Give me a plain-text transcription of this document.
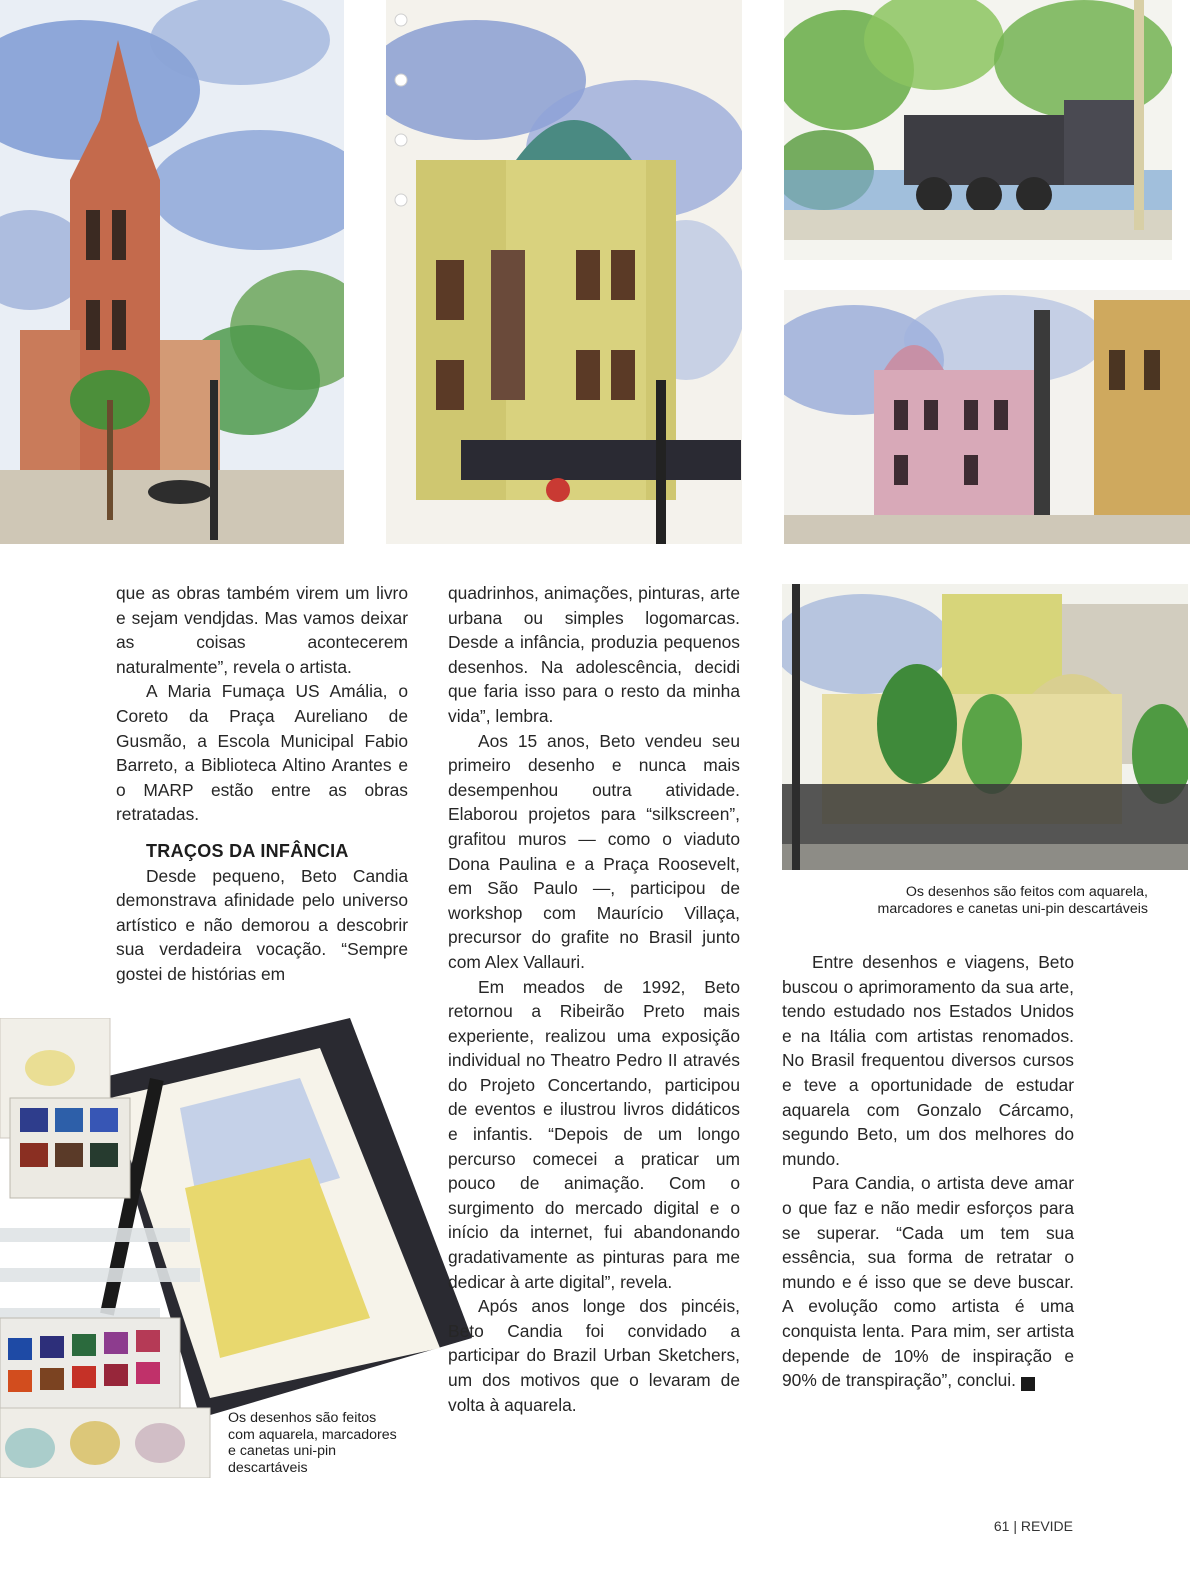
que as obras também virem um livro e sejam vendjdas. Mas vamos deixar as coisas acontecerem naturalmente”, revela o artista.

A Maria Fumaça US Amália, o Coreto da Praça Aureliano de Gusmão, a Escola Municipal Fabio Barreto, a Biblioteca Altino Arantes e o MARP estão entre as obras retratadas.

TRAÇOS DA INFÂNCIA

Desde pequeno, Beto Candia demonstrava afinidade pelo universo artístico e não demorou a descobrir sua verdadeira vocação. “Sempre gostei de histórias em

quadrinhos, animações, pinturas, arte urbana ou simples logomarcas. Desde a infância, produzia pequenos desenhos. Na adolescência, decidi que faria isso para o resto da minha vida”, lembra.

Aos 15 anos, Beto vendeu seu primeiro desenho e nunca mais desempenhou outra atividade. Elaborou projetos para “silkscreen”, grafitou muros — como o viaduto Dona Paulina e a Praça Roosevelt, em São Paulo —, participou de workshop com Maurício Villaça, precursor do grafite no Brasil junto com Alex Vallauri.

Em meados de 1992, Beto retornou a Ribeirão Preto mais experiente, realizou uma exposição individual no Theatro Pedro II através do Projeto Concertando, participou de eventos e ilustrou livros didáticos e infantis. “Depois de um longo percurso comecei a praticar um pouco de animação. Com o surgimento do mercado digital e o início da internet, fui abandonando gradativamente as pinturas para me dedicar à arte digital”, revela.

Após anos longe dos pincéis, Beto Candia foi convidado a participar do Brazil Urban Sketchers, um dos motivos que o levaram de volta à aquarela.

Os desenhos são feitos com aquarela, marcadores e canetas uni-pin descartáveis

Entre desenhos e viagens, Beto buscou o aprimoramento da sua arte, tendo estudado nos Estados Unidos e na Itália com artistas renomados. No Brasil frequentou diversos cursos e teve a oportunidade de estudar aquarela com Gonzalo Cárcamo, segundo Beto, um dos melhores do mundo.

Para Candia, o artista deve amar o que faz e não medir esforços para se superar. “Cada um tem sua essência, sua forma de retratar o mundo e é isso que se deve buscar. A evolução como artista é uma conquista lenta. Para mim, ser artista depende de 10% de inspiração e 90% de transpiração”, conclui.	r

Os desenhos são feitos com aquarela, marcadores e canetas uni-pin descartáveis
61 | REVIDE
